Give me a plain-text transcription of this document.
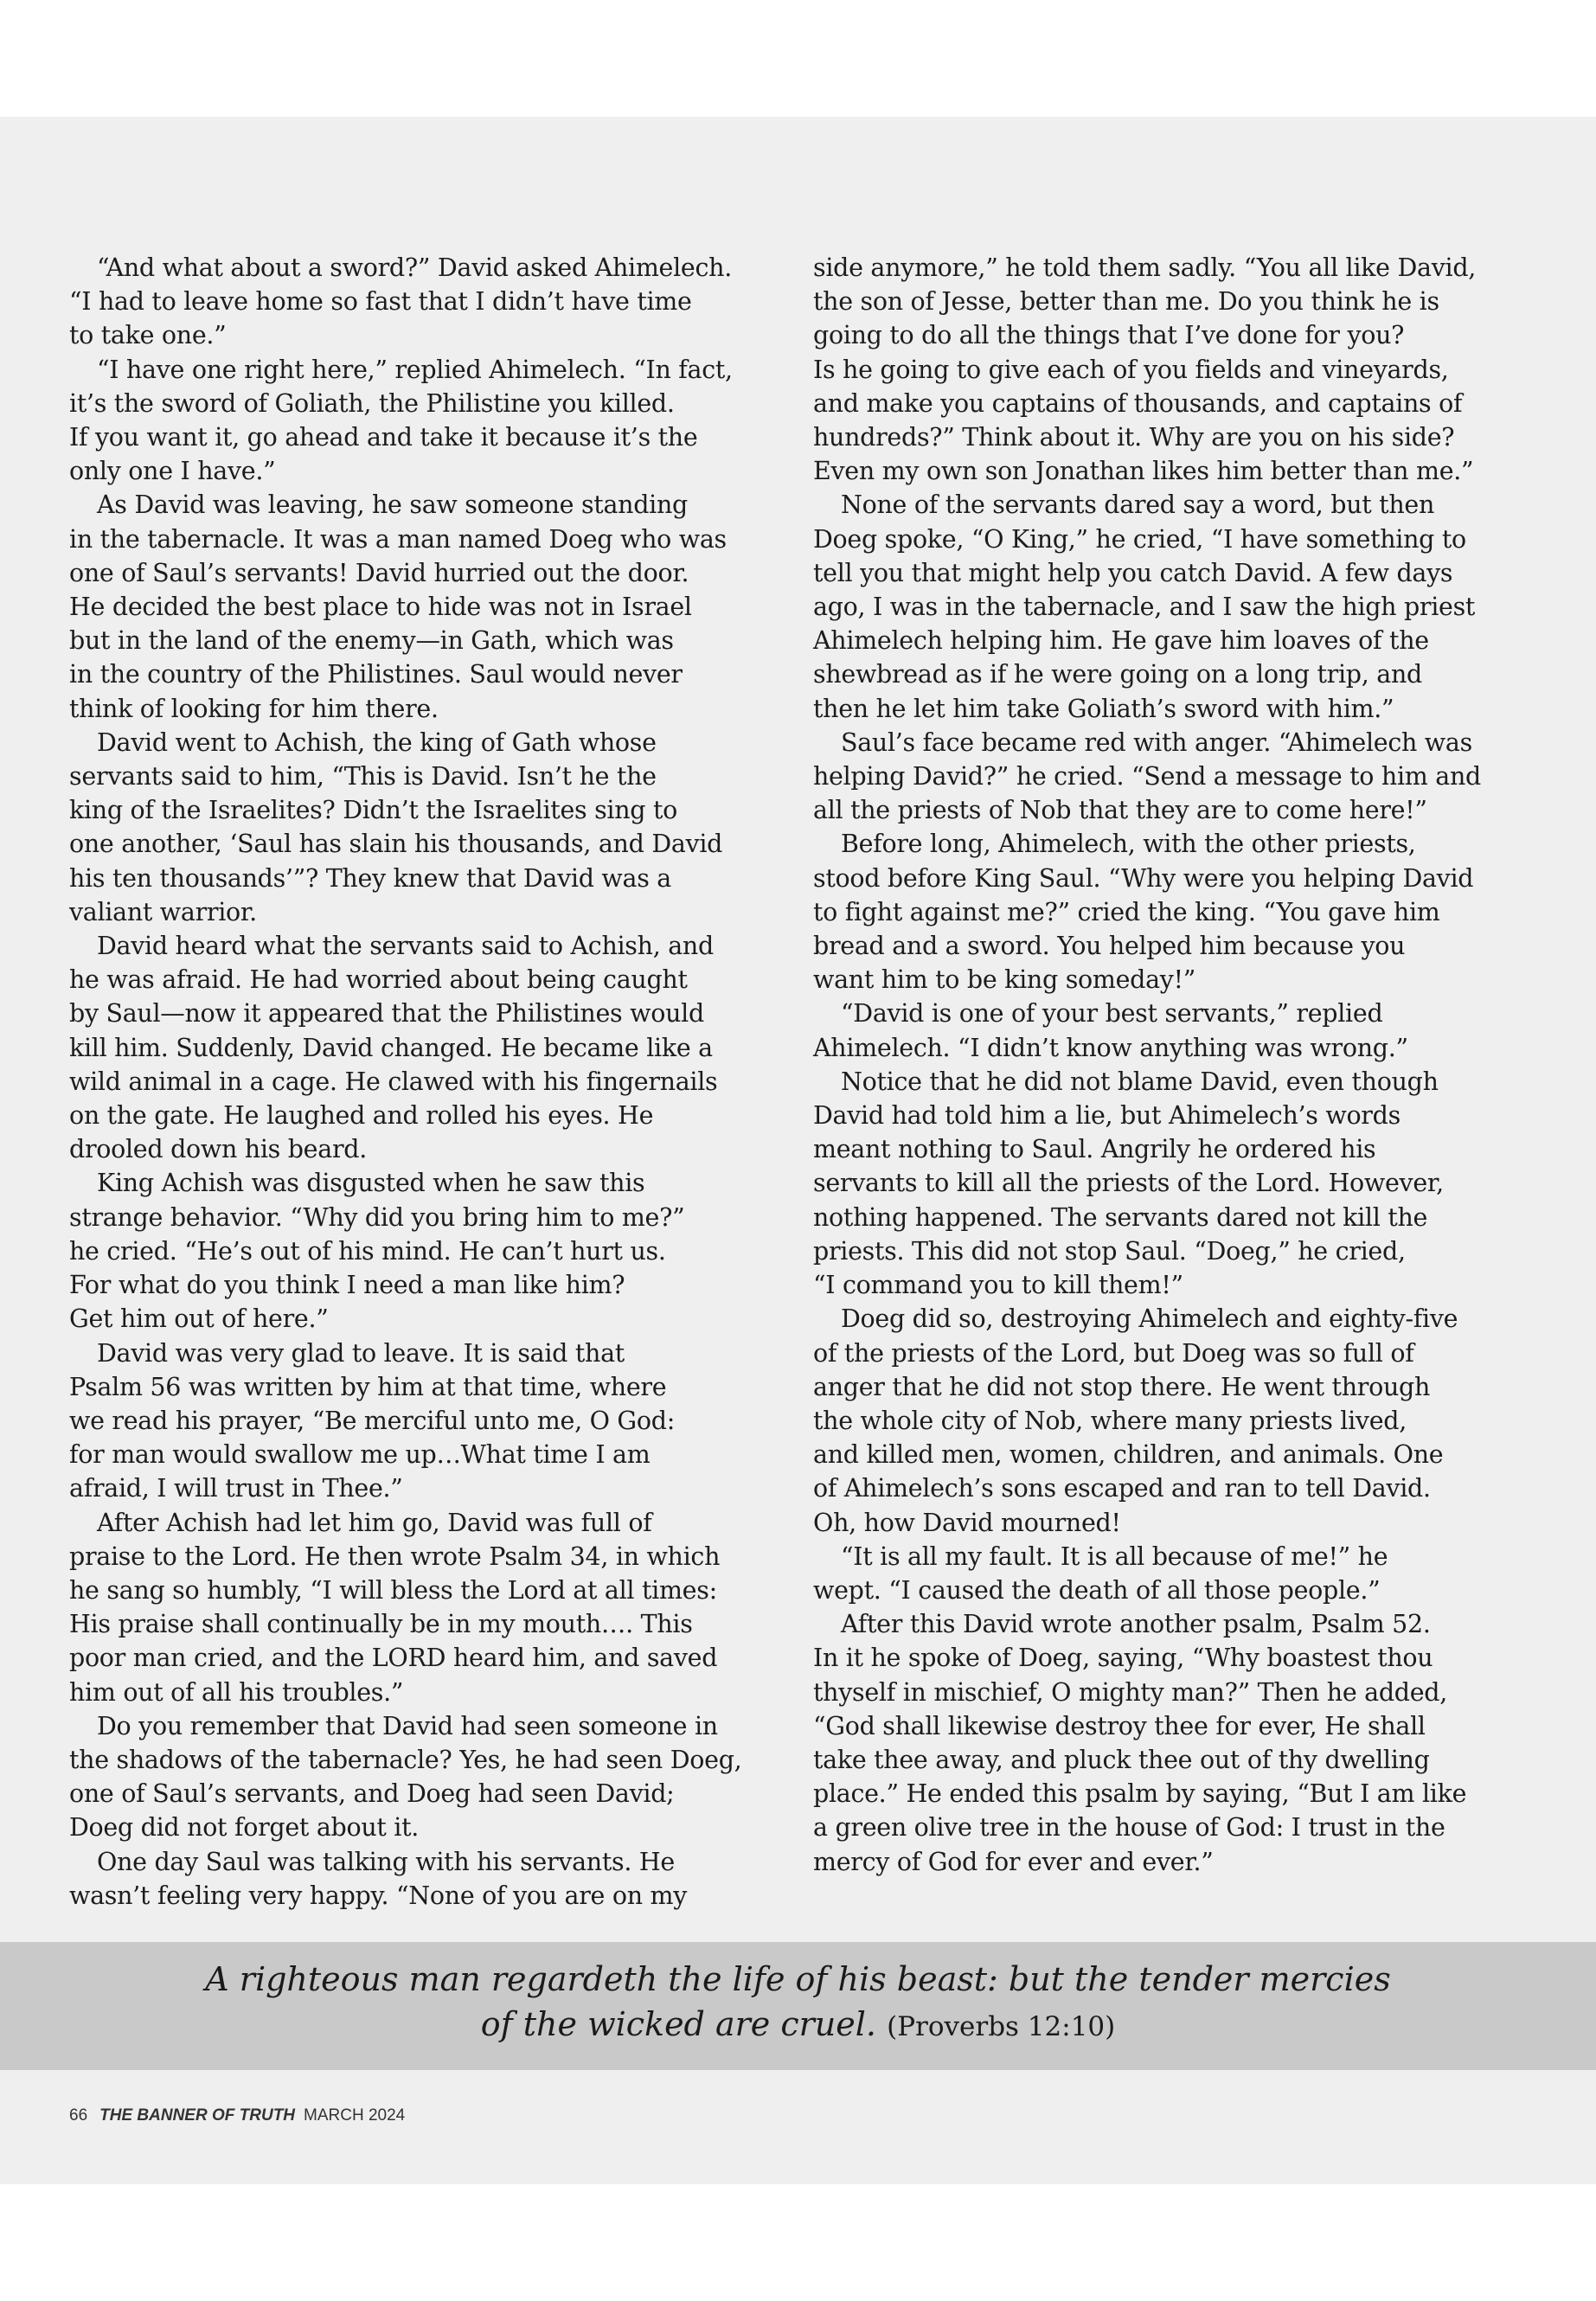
“And what about a sword?” David asked Ahimelech.
“I had to leave home so fast that I didn’t have time
to take one.”

“I have one right here,” replied Ahimelech. “In fact,
it’s the sword of Goliath, the Philistine you killed.
If you want it, go ahead and take it because it’s the
only one I have.”

As David was leaving, he saw someone standing
in the tabernacle. It was a man named Doeg who was
one of Saul’s servants! David hurried out the door.
He decided the best place to hide was not in Israel
but in the land of the enemy—in Gath, which was
in the country of the Philistines. Saul would never
think of looking for him there.

David went to Achish, the king of Gath whose
servants said to him, “This is David. Isn’t he the
king of the Israelites? Didn’t the Israelites sing to
one another, ‘Saul has slain his thousands, and David
his ten thousands’”? They knew that David was a
valiant warrior.

David heard what the servants said to Achish, and
he was afraid. He had worried about being caught
by Saul—now it appeared that the Philistines would
kill him. Suddenly, David changed. He became like a
wild animal in a cage. He clawed with his fingernails
on the gate. He laughed and rolled his eyes. He
drooled down his beard.

King Achish was disgusted when he saw this
strange behavior. “Why did you bring him to me?”
he cried. “He’s out of his mind. He can’t hurt us.
For what do you think I need a man like him?
Get him out of here.”

David was very glad to leave. It is said that
Psalm 56 was written by him at that time, where
we read his prayer, “Be merciful unto me, O God:
for man would swallow me up…What time I am
afraid, I will trust in Thee.”

After Achish had let him go, David was full of
praise to the Lord. He then wrote Psalm 34, in which
he sang so humbly, “I will bless the Lord at all times:
His praise shall continually be in my mouth…. This
poor man cried, and the LORD heard him, and saved
him out of all his troubles.”

Do you remember that David had seen someone in
the shadows of the tabernacle? Yes, he had seen Doeg,
one of Saul’s servants, and Doeg had seen David;
Doeg did not forget about it.

One day Saul was talking with his servants. He
wasn’t feeling very happy. “None of you are on my

side anymore,” he told them sadly. “You all like David,
the son of Jesse, better than me. Do you think he is
going to do all the things that I’ve done for you?
Is he going to give each of you fields and vineyards,
and make you captains of thousands, and captains of
hundreds?” Think about it. Why are you on his side?
Even my own son Jonathan likes him better than me.”

None of the servants dared say a word, but then
Doeg spoke, “O King,” he cried, “I have something to
tell you that might help you catch David. A few days
ago, I was in the tabernacle, and I saw the high priest
Ahimelech helping him. He gave him loaves of the
shewbread as if he were going on a long trip, and
then he let him take Goliath’s sword with him.”

Saul’s face became red with anger. “Ahimelech was
helping David?” he cried. “Send a message to him and
all the priests of Nob that they are to come here!”

Before long, Ahimelech, with the other priests,
stood before King Saul. “Why were you helping David
to fight against me?” cried the king. “You gave him
bread and a sword. You helped him because you
want him to be king someday!”

“David is one of your best servants,” replied
Ahimelech. “I didn’t know anything was wrong.”

Notice that he did not blame David, even though
David had told him a lie, but Ahimelech’s words
meant nothing to Saul. Angrily he ordered his
servants to kill all the priests of the Lord. However,
nothing happened. The servants dared not kill the
priests. This did not stop Saul. “Doeg,” he cried,
“I command you to kill them!”

Doeg did so, destroying Ahimelech and eighty-five
of the priests of the Lord, but Doeg was so full of
anger that he did not stop there. He went through
the whole city of Nob, where many priests lived,
and killed men, women, children, and animals. One
of Ahimelech’s sons escaped and ran to tell David.
Oh, how David mourned!

“It is all my fault. It is all because of me!” he
wept. “I caused the death of all those people.”

After this David wrote another psalm, Psalm 52.
In it he spoke of Doeg, saying, “Why boastest thou
thyself in mischief, O mighty man?” Then he added,
“God shall likewise destroy thee for ever, He shall
take thee away, and pluck thee out of thy dwelling
place.” He ended this psalm by saying, “But I am like
a green olive tree in the house of God: I trust in the
mercy of God for ever and ever.”

A righteous man regardeth the life of his beast: but the tender mercies
of the wicked are cruel. (Proverbs 12:10)
66 THE BANNER OF TRUTH MARCH 2024
